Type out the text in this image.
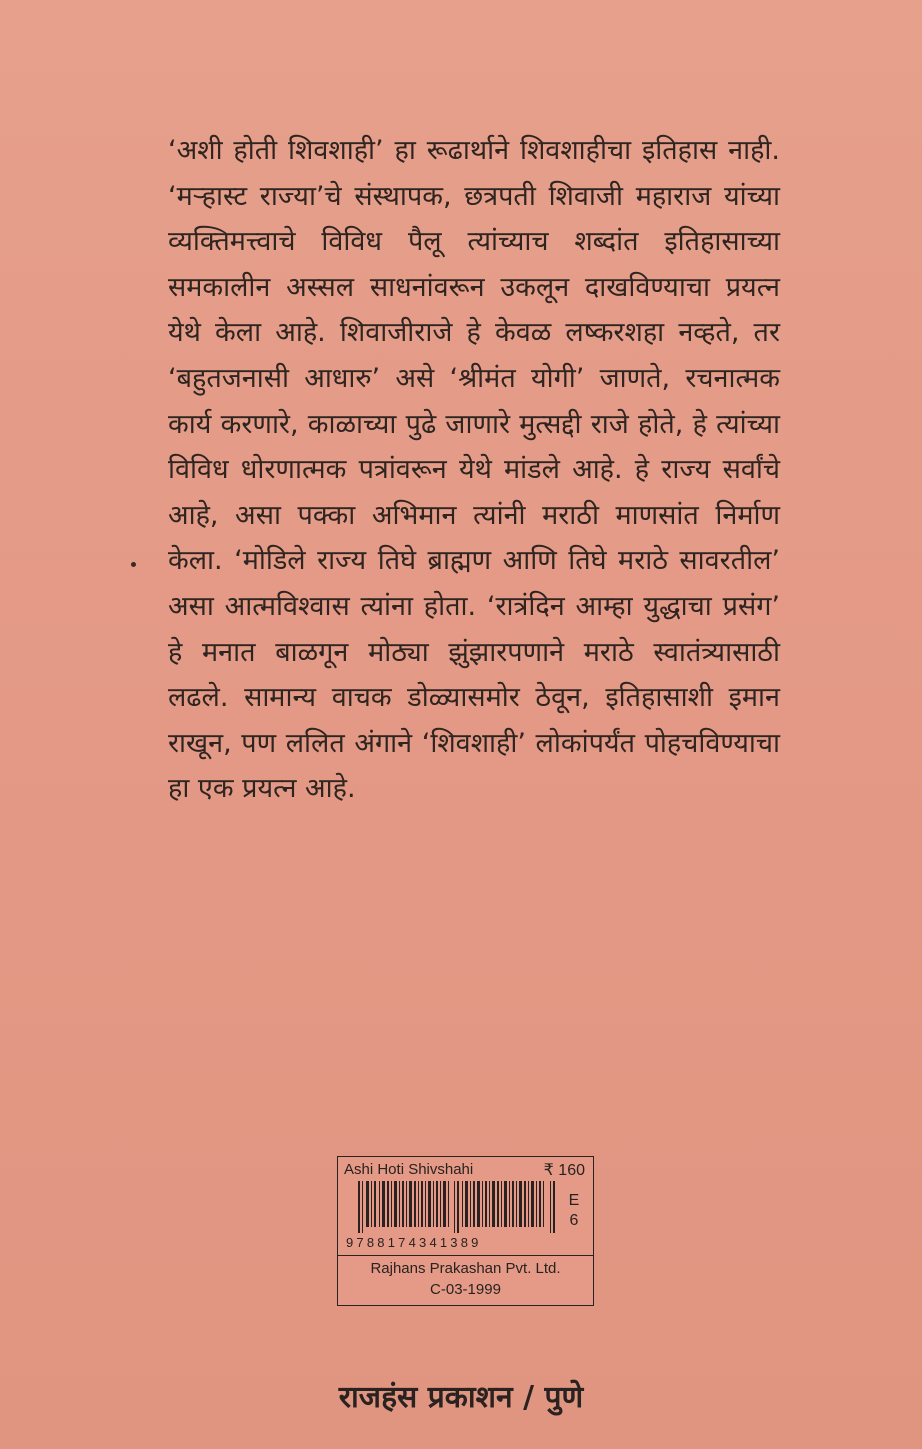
‘अशी होती शिवशाही’ हा रूढार्थाने शिवशाहीचा इतिहास नाही. ‘मऱ्हास्ट राज्या’चे संस्थापक, छत्रपती शिवाजी महाराज यांच्या व्यक्तिमत्त्वाचे विविध पैलू त्यांच्याच शब्दांत इतिहासाच्या समकालीन अस्सल साधनांवरून उकलून दाखविण्याचा प्रयत्न येथे केला आहे. शिवाजीराजे हे केवळ लष्करशहा नव्हते, तर ‘बहुतजनासी आधारु’ असे ‘श्रीमंत योगी’ जाणते, रचनात्मक कार्य करणारे, काळाच्या पुढे जाणारे मुत्सद्दी राजे होते, हे त्यांच्या विविध धोरणात्मक पत्रांवरून येथे मांडले आहे. हे राज्य सर्वांचे आहे, असा पक्का अभिमान त्यांनी मराठी माणसांत निर्माण केला. ‘मोडिले राज्य तिघे ब्राह्मण आणि तिघे मराठे सावरतील’ असा आत्मविश्वास त्यांना होता. ‘रात्रंदिन आम्हा युद्धाचा प्रसंग’ हे मनात बाळगून मोठ्या झुंझारपणाने मराठे स्वातंत्र्यासाठी लढले. सामान्य वाचक डोळ्यासमोर ठेवून, इतिहासाशी इमान राखून, पण ललित अंगाने ‘शिवशाही’ लोकांपर्यंत पोहचविण्याचा हा एक प्रयत्न आहे.

Ashi Hoti Shivshahi	₹ 160
E
6
9788174341389
Rajhans Prakashan Pvt. Ltd.
C-03-1999
राजहंस प्रकाशन / पुणे
